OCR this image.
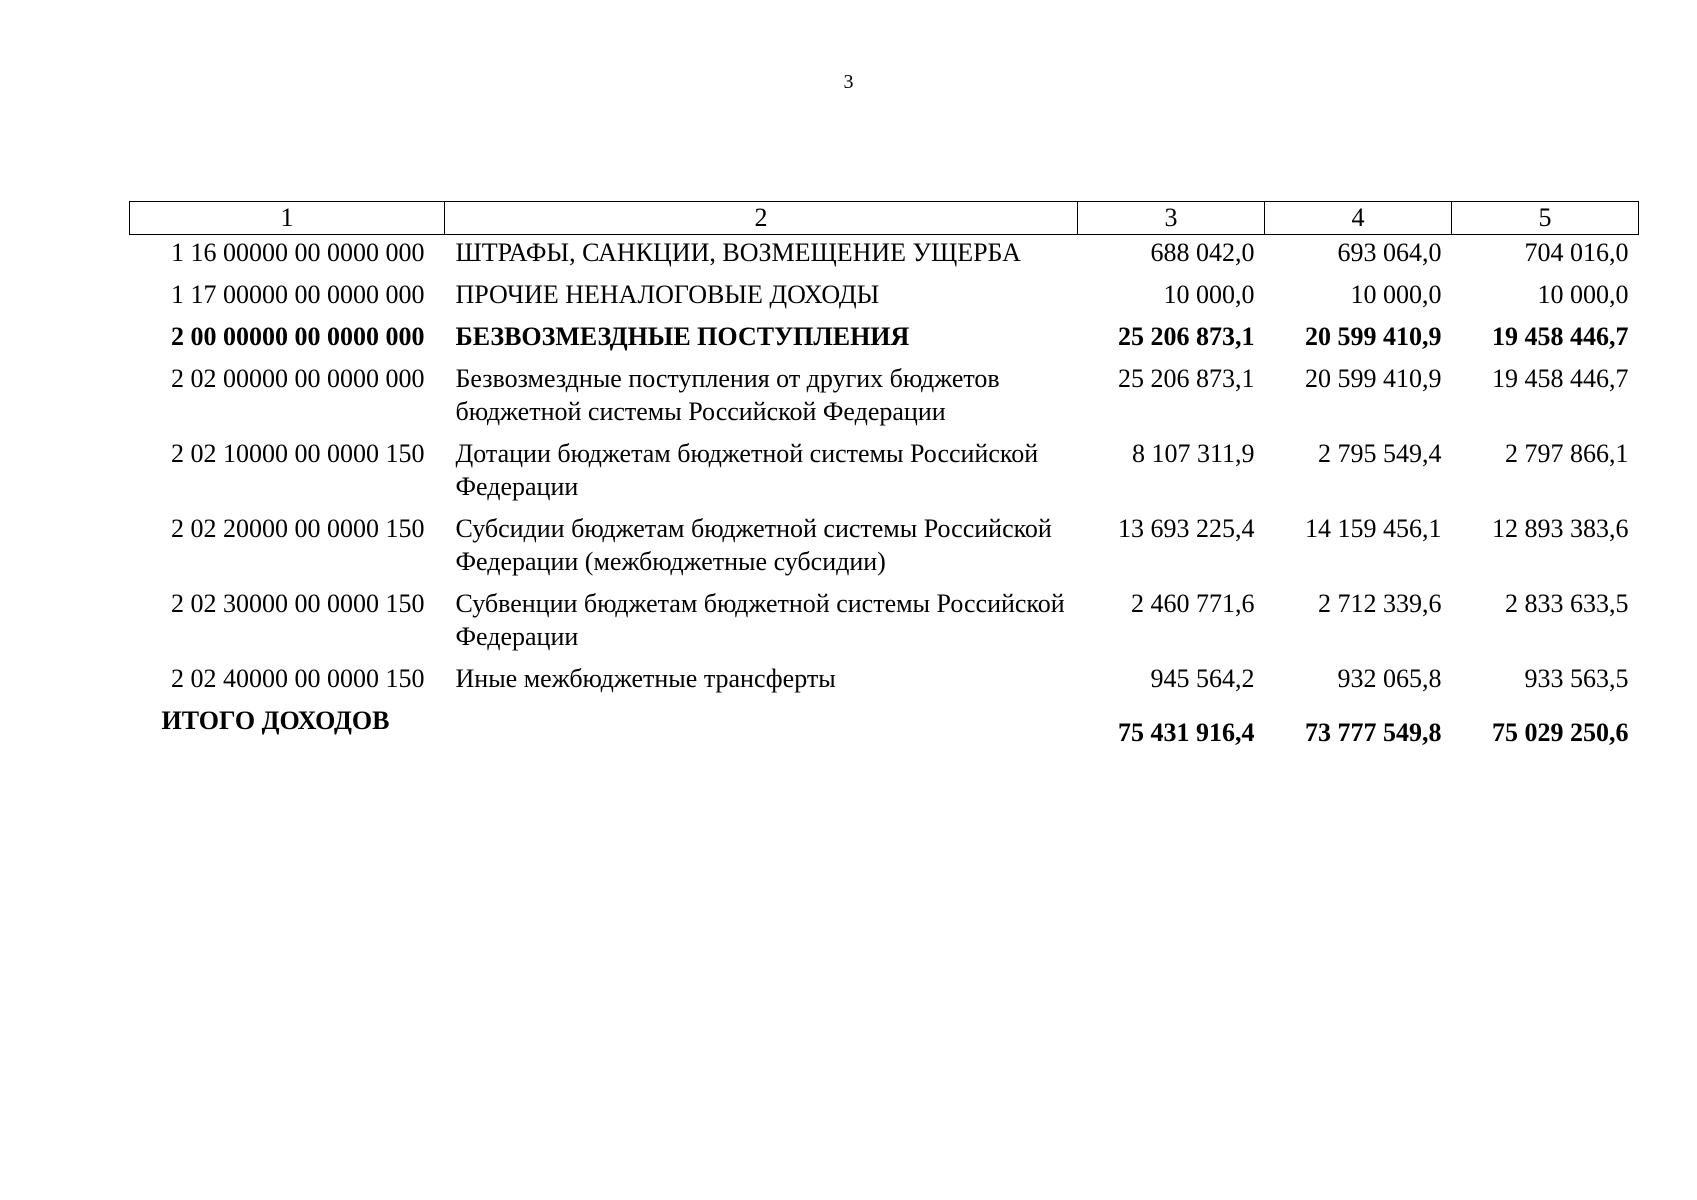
3
1	2	3	4	5
1 16 00000 00 0000 000	ШТРАФЫ, САНКЦИИ, ВОЗМЕЩЕНИЕ УЩЕРБА	688 042,0	693 064,0	704 016,0
1 17 00000 00 0000 000	ПРОЧИЕ НЕНАЛОГОВЫЕ ДОХОДЫ	10 000,0	10 000,0	10 000,0
2 00 00000 00 0000 000	БЕЗВОЗМЕЗДНЫЕ ПОСТУПЛЕНИЯ	25 206 873,1	20 599 410,9	19 458 446,7
2 02 00000 00 0000 000	Безвозмездные поступления от других бюджетов бюджетной системы Российской Федерации	25 206 873,1	20 599 410,9	19 458 446,7
2 02 10000 00 0000 150	Дотации бюджетам бюджетной системы Российской Федерации	8 107 311,9	2 795 549,4	2 797 866,1
2 02 20000 00 0000 150	Субсидии бюджетам бюджетной системы Российской Федерации (межбюджетные субсидии)	13 693 225,4	14 159 456,1	12 893 383,6
2 02 30000 00 0000 150	Субвенции бюджетам бюджетной системы Российской Федерации	2 460 771,6	2 712 339,6	2 833 633,5
2 02 40000 00 0000 150	Иные межбюджетные трансферты	945 564,2	932 065,8	933 563,5
ИТОГО ДОХОДОВ		75 431 916,4	73 777 549,8	75 029 250,6
